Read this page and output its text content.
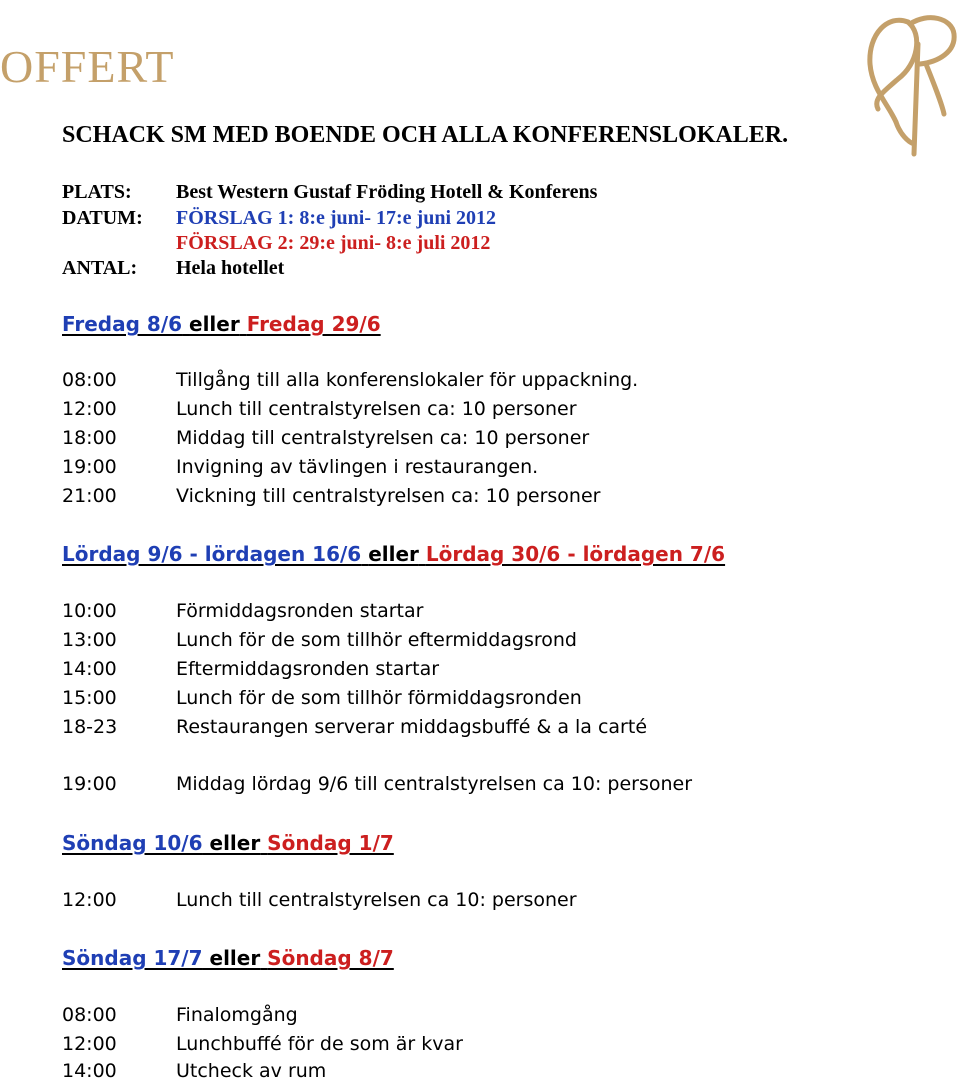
OFFERT
SCHACK SM MED BOENDE OCH ALLA KONFERENSLOKALER.
PLATS: Best Western Gustaf Fröding Hotell & Konferens
DATUM: FÖRSLAG 1: 8:e juni- 17:e juni 2012
FÖRSLAG 2: 29:e juni- 8:e juli 2012
ANTAL: Hela hotellet
Fredag 8/6 eller Fredag 29/6
08:00	Tillgång till alla konferenslokaler för uppackning.
12:00	Lunch till centralstyrelsen ca: 10 personer
18:00	Middag till centralstyrelsen ca: 10 personer
19:00	Invigning av tävlingen i restaurangen.
21:00	Vickning till centralstyrelsen ca: 10 personer
Lördag 9/6 - lördagen 16/6 eller Lördag 30/6 - lördagen 7/6
10:00	Förmiddagsronden startar
13:00	Lunch för de som tillhör eftermiddagsrond
14:00	Eftermiddagsronden startar
15:00	Lunch för de som tillhör förmiddagsronden
18-23	Restaurangen serverar middagsbuffé & a la carté
19:00	Middag lördag 9/6 till centralstyrelsen ca 10: personer
Söndag 10/6 eller Söndag 1/7
12:00	Lunch till centralstyrelsen ca 10: personer
Söndag 17/7 eller Söndag 8/7
08:00	Finalomgång
12:00	Lunchbuffé för de som är kvar
14:00	Utcheck av rum
